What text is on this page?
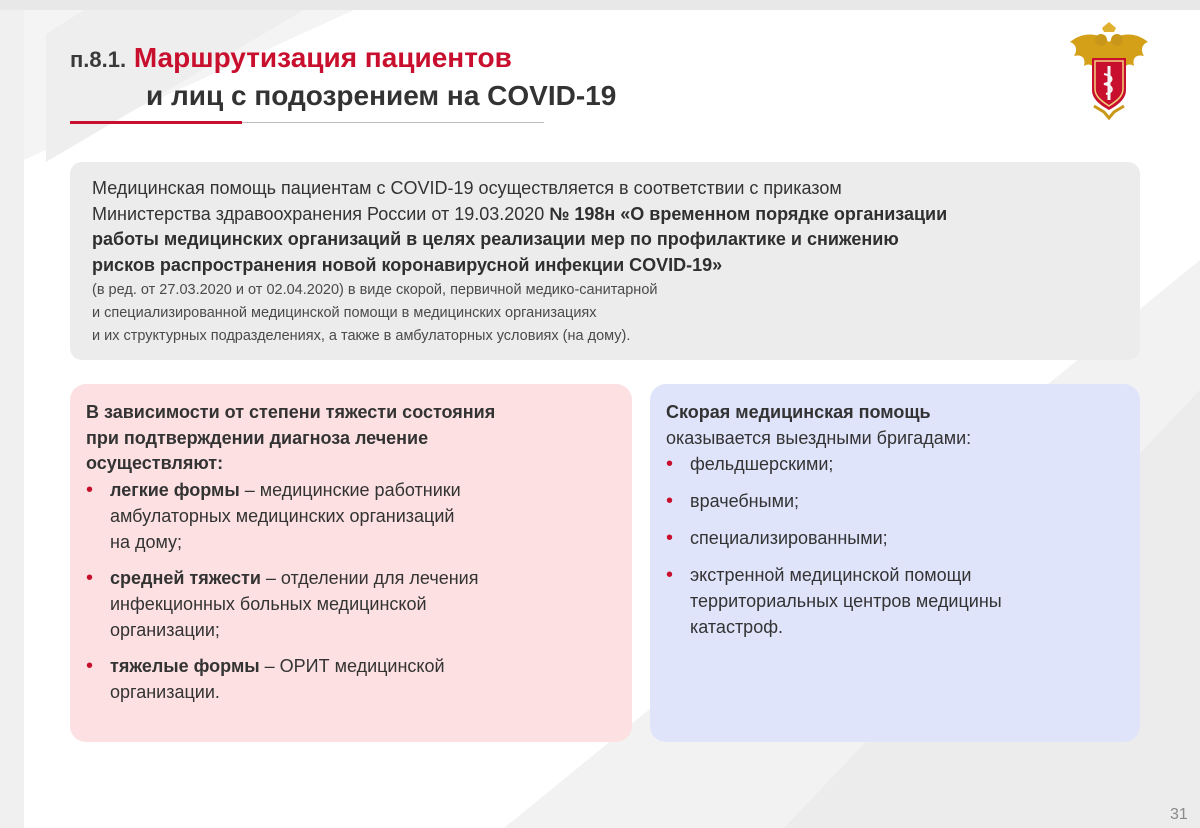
п.8.1. Маршрутизация пациентов
и лиц с подозрением на COVID-19
Медицинская помощь пациентам с COVID-19 осуществляется в соответствии с приказом
Министерства здравоохранения России от 19.03.2020 № 198н «О временном порядке организации
работы медицинских организаций в целях реализации мер по профилактике и снижению
рисков распространения новой коронавирусной инфекции COVID-19»
(в ред. от 27.03.2020 и от 02.04.2020) в виде скорой, первичной медико-санитарной
и специализированной медицинской помощи в медицинских организациях
и их структурных подразделениях, а также в амбулаторных условиях (на дому).
В зависимости от степени тяжести состояния
при подтверждении диагноза лечение
осуществляют:
• легкие формы – медицинские работники
амбулаторных медицинских организаций
на дому;
• средней тяжести – отделении для лечения
инфекционных больных медицинской
организации;
• тяжелые формы – ОРИТ медицинской
организации.
Скорая медицинская помощь
оказывается выездными бригадами:
• фельдшерскими;
• врачебными;
• специализированными;
• экстренной медицинской помощи
территориальных центров медицины
катастроф.
31
